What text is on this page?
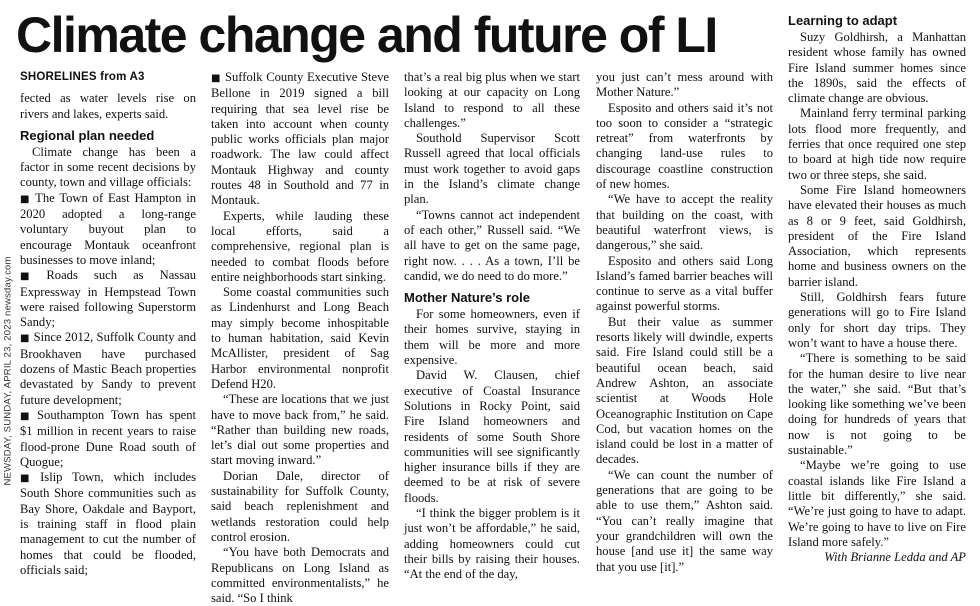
Climate change and future of LI
NEWSDAY, SUNDAY, APRIL 23, 2023 newsday.com
SHORELINES from A3

fected as water levels rise on rivers and lakes, experts said.

Regional plan needed

Climate change has been a factor in some recent decisions by county, town and village officials:

■ The Town of East Hampton in 2020 adopted a long-range voluntary buyout plan to encourage Montauk oceanfront businesses to move inland;

■ Roads such as Nassau Expressway in Hempstead Town were raised following Superstorm Sandy;

■ Since 2012, Suffolk County and Brookhaven have purchased dozens of Mastic Beach properties devastated by Sandy to prevent future development;

■ Southampton Town has spent $1 million in recent years to raise flood-prone Dune Road south of Quogue;

■ Islip Town, which includes South Shore communities such as Bay Shore, Oakdale and Bayport, is training staff in flood plain management to cut the number of homes that could be flooded, officials said;

■ Suffolk County Executive Steve Bellone in 2019 signed a bill requiring that sea level rise be taken into account when county public works officials plan major roadwork. The law could affect Montauk Highway and county routes 48 in Southold and 77 in Montauk.

Experts, while lauding these local efforts, said a comprehensive, regional plan is needed to combat floods before entire neighborhoods start sinking.

Some coastal communities such as Lindenhurst and Long Beach may simply become inhospitable to human habitation, said Kevin McAllister, president of Sag Harbor environmental nonprofit Defend H20.

“These are locations that we just have to move back from,” he said. “Rather than building new roads, let’s dial out some properties and start moving inward.”

Dorian Dale, director of sustainability for Suffolk County, said beach replenishment and wetlands restoration could help control erosion.

“You have both Democrats and Republicans on Long Island as committed environmentalists,” he said. “So I think

that’s a real big plus when we start looking at our capacity on Long Island to respond to all these challenges.”

Southold Supervisor Scott Russell agreed that local officials must work together to avoid gaps in the Island’s climate change plan.

“Towns cannot act independent of each other,” Russell said. “We all have to get on the same page, right now. . . . As a town, I’ll be candid, we do need to do more.”

Mother Nature’s role

For some homeowners, even if their homes survive, staying in them will be more and more expensive.

David W. Clausen, chief executive of Coastal Insurance Solutions in Rocky Point, said Fire Island homeowners and residents of some South Shore communities will see significantly higher insurance bills if they are deemed to be at risk of severe floods.

“I think the bigger problem is it just won’t be affordable,” he said, adding homeowners could cut their bills by raising their houses. “At the end of the day,

you just can’t mess around with Mother Nature.”

Esposito and others said it’s not too soon to consider a “strategic retreat” from waterfronts by changing land-use rules to discourage coastline construction of new homes.

“We have to accept the reality that building on the coast, with beautiful waterfront views, is dangerous,” she said.

Esposito and others said Long Island’s famed barrier beaches will continue to serve as a vital buffer against powerful storms.

But their value as summer resorts likely will dwindle, experts said. Fire Island could still be a beautiful ocean beach, said Andrew Ashton, an associate scientist at Woods Hole Oceanographic Institution on Cape Cod, but vacation homes on the island could be lost in a matter of decades.

“We can count the number of generations that are going to be able to use them,” Ashton said. “You can’t really imagine that your grandchildren will own the house [and use it] the same way that you use [it].”

Learning to adapt

Suzy Goldhirsh, a Manhattan resident whose family has owned Fire Island summer homes since the 1890s, said the effects of climate change are obvious.

Mainland ferry terminal parking lots flood more frequently, and ferries that once required one step to board at high tide now require two or three steps, she said.

Some Fire Island homeowners have elevated their houses as much as 8 or 9 feet, said Goldhirsh, president of the Fire Island Association, which represents home and business owners on the barrier island.

Still, Goldhirsh fears future generations will go to Fire Island only for short day trips. They won’t want to have a house there.

“There is something to be said for the human desire to live near the water,” she said. “But that’s looking like something we’ve been doing for hundreds of years that now is not going to be sustainable.”

“Maybe we’re going to use coastal islands like Fire Island a little bit differently,” she said. “We’re just going to have to adapt. We’re going to have to live on Fire Island more safely.”

With Brianne Ledda and AP
